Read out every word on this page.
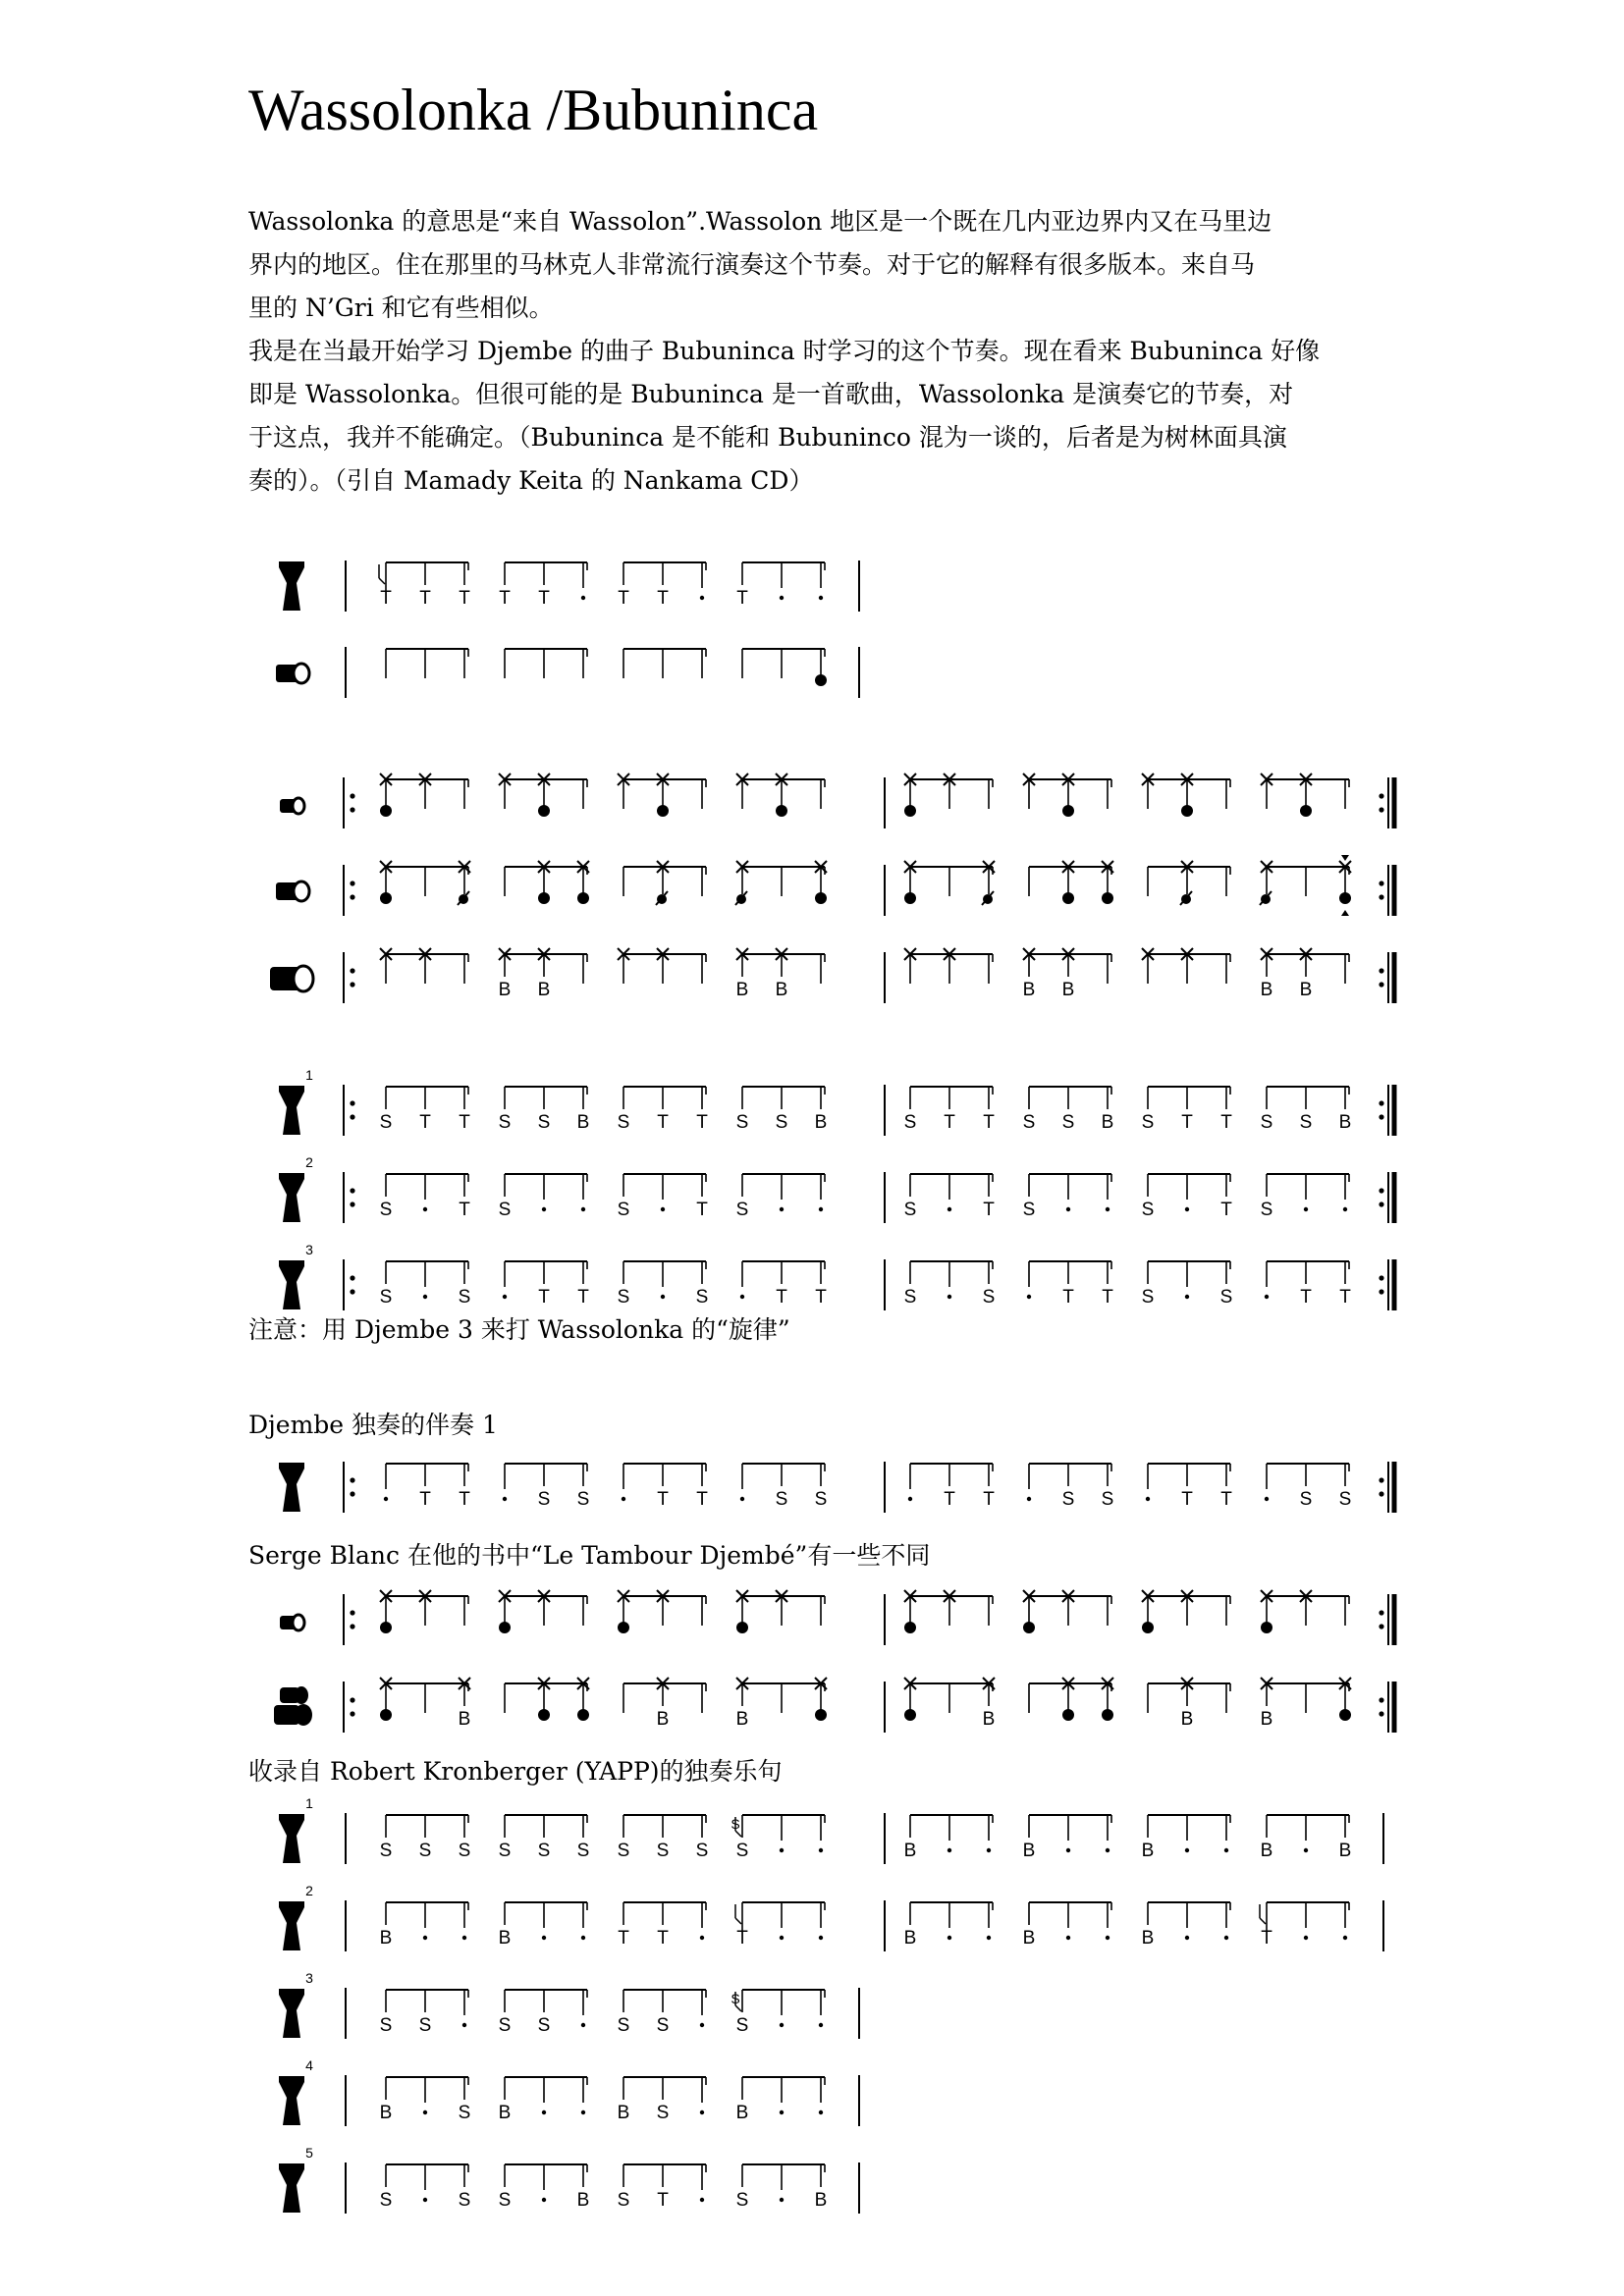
Wassolonka /Bubuninca
Wassolonka 的意思是“来自 Wassolon”.Wassolon 地区是一个既在几内亚边界内又在马里边
界内的地区。住在那里的马林克人非常流行演奏这个节奏。对于它的解释有很多版本。来自马
里的 N’Gri 和它有些相似。
我是在当最开始学习 Djembe 的曲子 Bubuninca 时学习的这个节奏。现在看来 Bubuninca 好像
即是 Wassolonka。但很可能的是 Bubuninca 是一首歌曲，Wassolonka 是演奏它的节奏，对
于这点，我并不能确定。（Bubuninca 是不能和 Bubuninco 混为一谈的，后者是为树林面具演
奏的）。（引自 Mamady Keita 的 Nankama CD）
注意：用 Djembe 3 来打 Wassolonka 的“旋律”
Djembe 独奏的伴奏 1
Serge Blanc 在他的书中“Le Tambour Djembé”有一些不同
收录自 Robert Kronberger (YAPP)的独奏乐句
T T T T T	T T	T
B B	B B	B B	B B
1
S T T S S B S T T S S B	S T T S S B S T T S S B
2
S	T S	S	T S	S	T S	S	T S
3
S	S	T T S	S	T T	S	S	T T S	S	T T
T T	S S	T T	S S	T T	S S	T T	S S
B	B	B	B	B	B
1
S S S S S S S S S
S
S	B	B	B	B	B
2
B	B	T T	T	B	B	B	T
3
S S	S S	S S
S
S
4
B	S B	B S	B
5
S	S S	B S T	S	B
